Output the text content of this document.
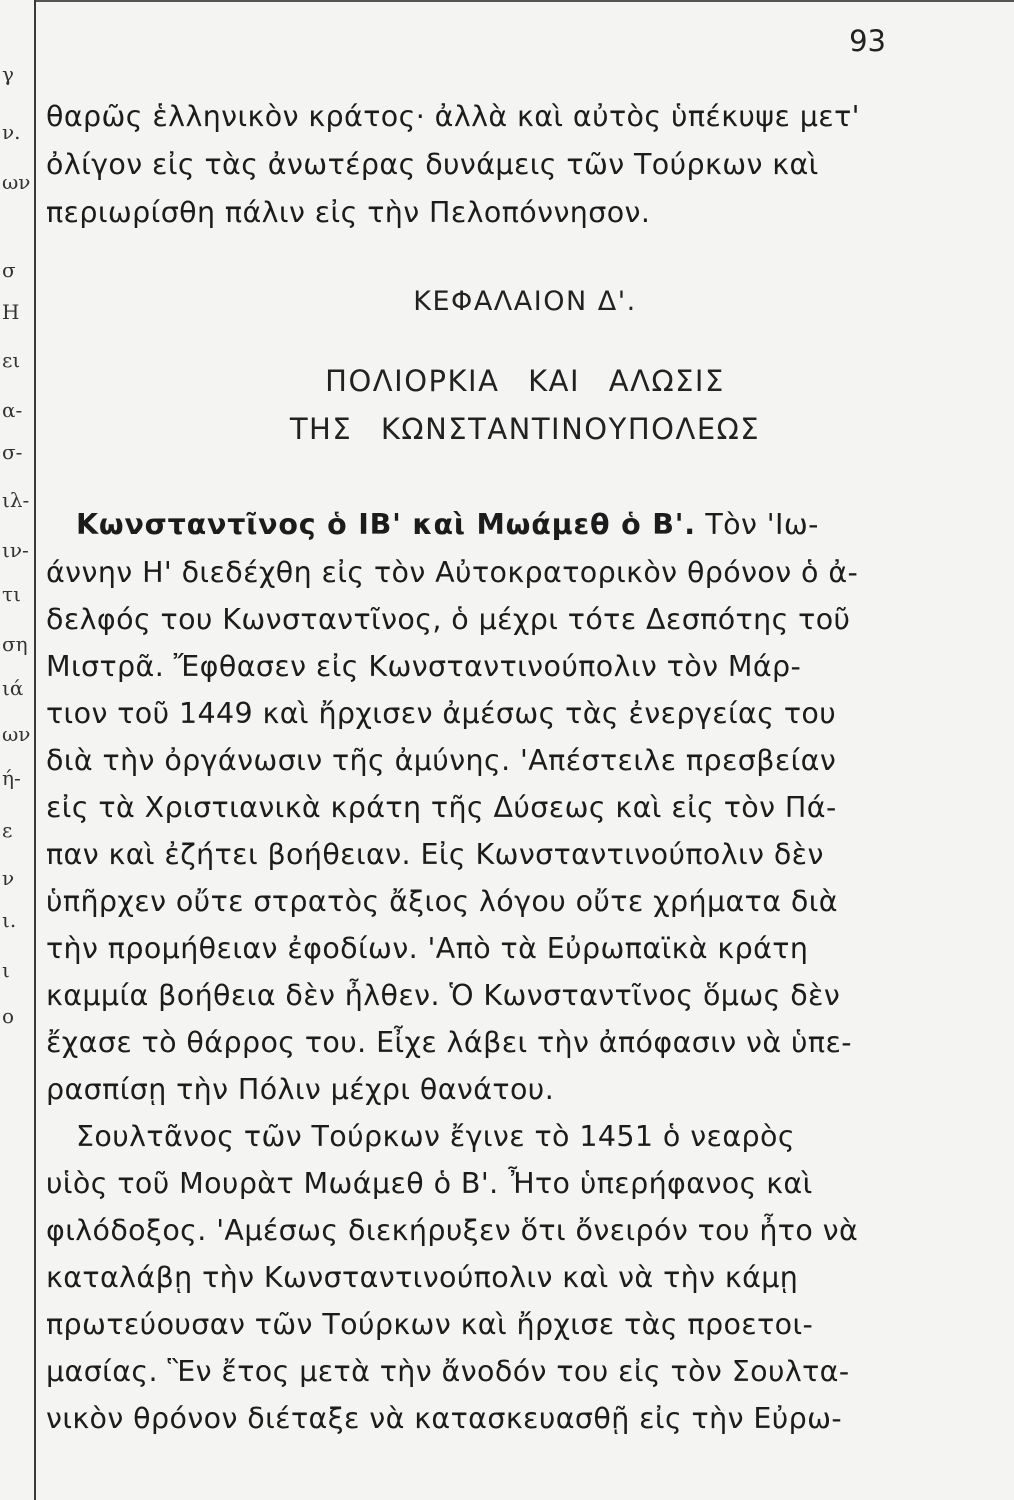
γ
ν.
ων
σ
Η
ει
α-
σ-
ιλ-
ιν-
τι
ση
ιά
ων
ή-
ε
ν
ι.
ι
ο
93
θαρῶς ἑλληνικὸν κράτος· ἀλλὰ καὶ αὐτὸς ὑπέκυψε μετ'
ὀλίγον εἰς τὰς ἀνωτέρας δυνάμεις τῶν Τούρκων καὶ
περιωρίσθη πάλιν εἰς τὴν Πελοπόννησον.
ΚΕΦΑΛΑΙΟΝ Δ'.
ΠΟΛΙΟΡΚΙΑ ΚΑΙ ΑΛΩΣΙΣ
ΤΗΣ ΚΩΝΣΤΑΝΤΙΝΟΥΠΟΛΕΩΣ
Κωνσταντῖνος ὁ ΙΒ' καὶ Μωάμεθ ὁ Β'. Τὸν 'Ιω-
άννην Η' διεδέχθη εἰς τὸν Αὐτοκρατορικὸν θρόνον ὁ ἀ-
δελφός του Κωνσταντῖνος, ὁ μέχρι τότε Δεσπότης τοῦ
Μιστρᾶ. Ἔφθασεν εἰς Κωνσταντινούπολιν τὸν Μάρ-
τιον τοῦ 1449 καὶ ἤρχισεν ἀμέσως τὰς ἐνεργείας του
διὰ τὴν ὀργάνωσιν τῆς ἀμύνης. 'Απέστειλε πρεσβείαν
εἰς τὰ Χριστιανικὰ κράτη τῆς Δύσεως καὶ εἰς τὸν Πά-
παν καὶ ἐζήτει βοήθειαν. Εἰς Κωνσταντινούπολιν δὲν
ὑπῆρχεν οὔτε στρατὸς ἄξιος λόγου οὔτε χρήματα διὰ
τὴν προμήθειαν ἐφοδίων. 'Απὸ τὰ Εὐρωπαϊκὰ κράτη
καμμία βοήθεια δὲν ἦλθεν. Ὁ Κωνσταντῖνος ὅμως δὲν
ἔχασε τὸ θάρρος του. Εἶχε λάβει τὴν ἀπόφασιν νὰ ὑπε-
ρασπίσῃ τὴν Πόλιν μέχρι θανάτου.
Σουλτᾶνος τῶν Τούρκων ἔγινε τὸ 1451 ὁ νεαρὸς
υἱὸς τοῦ Μουρὰτ Μωάμεθ ὁ Β'. Ἦτο ὑπερήφανος καὶ
φιλόδοξος. 'Αμέσως διεκήρυξεν ὅτι ὄνειρόν του ἦτο νὰ
καταλάβῃ τὴν Κωνσταντινούπολιν καὶ νὰ τὴν κάμῃ
πρωτεύουσαν τῶν Τούρκων καὶ ἤρχισε τὰς προετοι-
μασίας. Ἓν ἔτος μετὰ τὴν ἄνοδόν του εἰς τὸν Σουλτα-
νικὸν θρόνον διέταξε νὰ κατασκευασθῇ εἰς τὴν Εὐρω-
